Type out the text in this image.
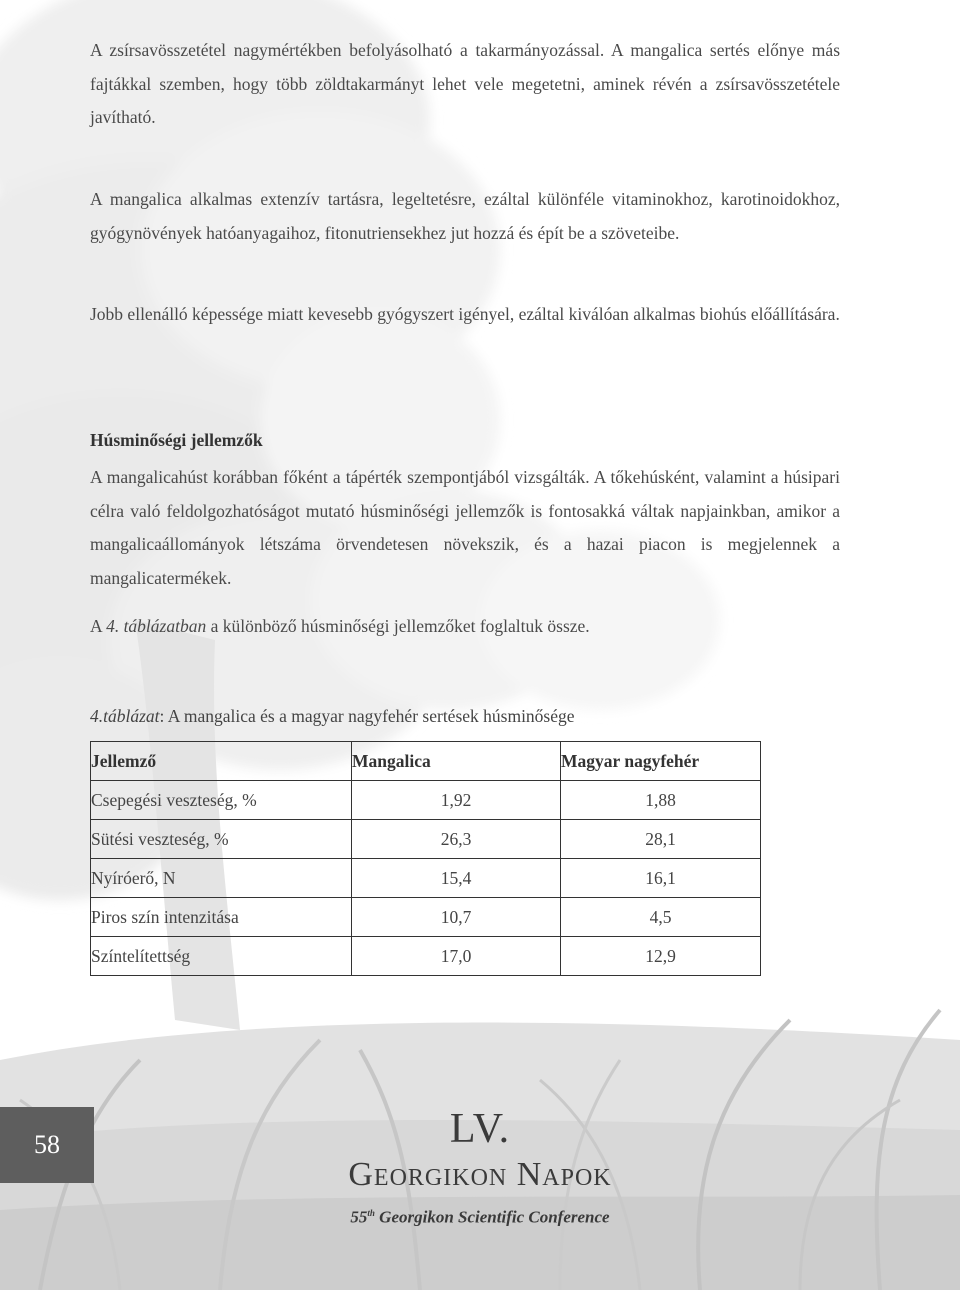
A zsírsavösszetétel nagymértékben befolyásolható a takarmányozással. A mangalica sertés előnye más fajtákkal szemben, hogy több zöldtakarmányt lehet vele megetetni, aminek révén a zsírsavösszetétele javítható.

A mangalica alkalmas extenzív tartásra, legeltetésre, ezáltal különféle vitaminokhoz, karotinoidokhoz, gyógynövények hatóanyagaihoz, fitonutriensekhez jut hozzá és épít be a szöveteibe.

Jobb ellenálló képessége miatt kevesebb gyógyszert igényel, ezáltal kiválóan alkalmas biohús előállítására.

Húsminőségi jellemzők

A mangalicahúst korábban főként a tápérték szempontjából vizsgálták. A tőkehúsként, valamint a húsipari célra való feldolgozhatóságot mutató húsminőségi jellemzők is fontosakká váltak napjainkban, amikor a mangalicaállományok létszáma örvendetesen növekszik, és a hazai piacon is megjelennek a mangalicatermékek.

A 4. táblázatban a különböző húsminőségi jellemzőket foglaltuk össze.

4.táblázat: A mangalica és a magyar nagyfehér sertések húsminősége
Jellemző	Mangalica	Magyar nagyfehér
Csepegési veszteség, %	1,92	1,88
Sütési veszteség, %	26,3	28,1
Nyíróerő, N	15,4	16,1
Piros szín intenzitása	10,7	4,5
Színtelítettség	17,0	12,9
58	LV.
Georgikon Napok
55th Georgikon Scientific Conference
